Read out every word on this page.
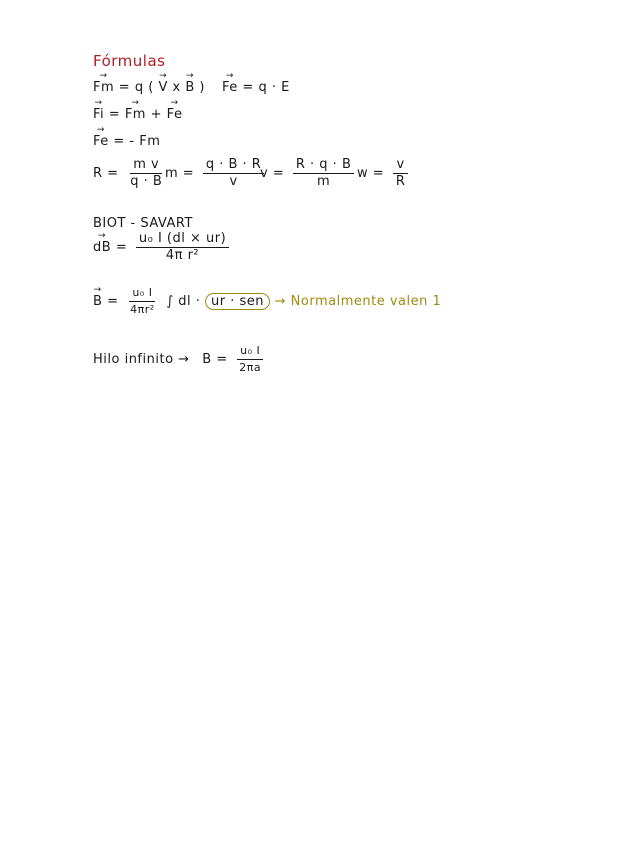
Fórmulas
→ Fm = q ( → V x → B ) → Fe = q · E
→ Fi = → Fm + → Fe
→ Fe = - Fm
$R = \frac{\text{m v}}{q \cdot B}$ $m = \frac{q \cdot B \cdot R}{v}$
$v = \frac{R \cdot q \cdot B}{m}$ $w = \frac{v}{R}$
BIOT - SAVART
→ dB = $\frac{\text{u₀ I (dl × ur)}}{\text{4π r²}}$
→ $B = \frac{\text{u₀ I}}{\text{4πr²}}$ ∫ dl · ur · sen → Normalmente valen 1
Hilo infinito → $B = \frac{\text{u₀ I}}{2\pi a}$
